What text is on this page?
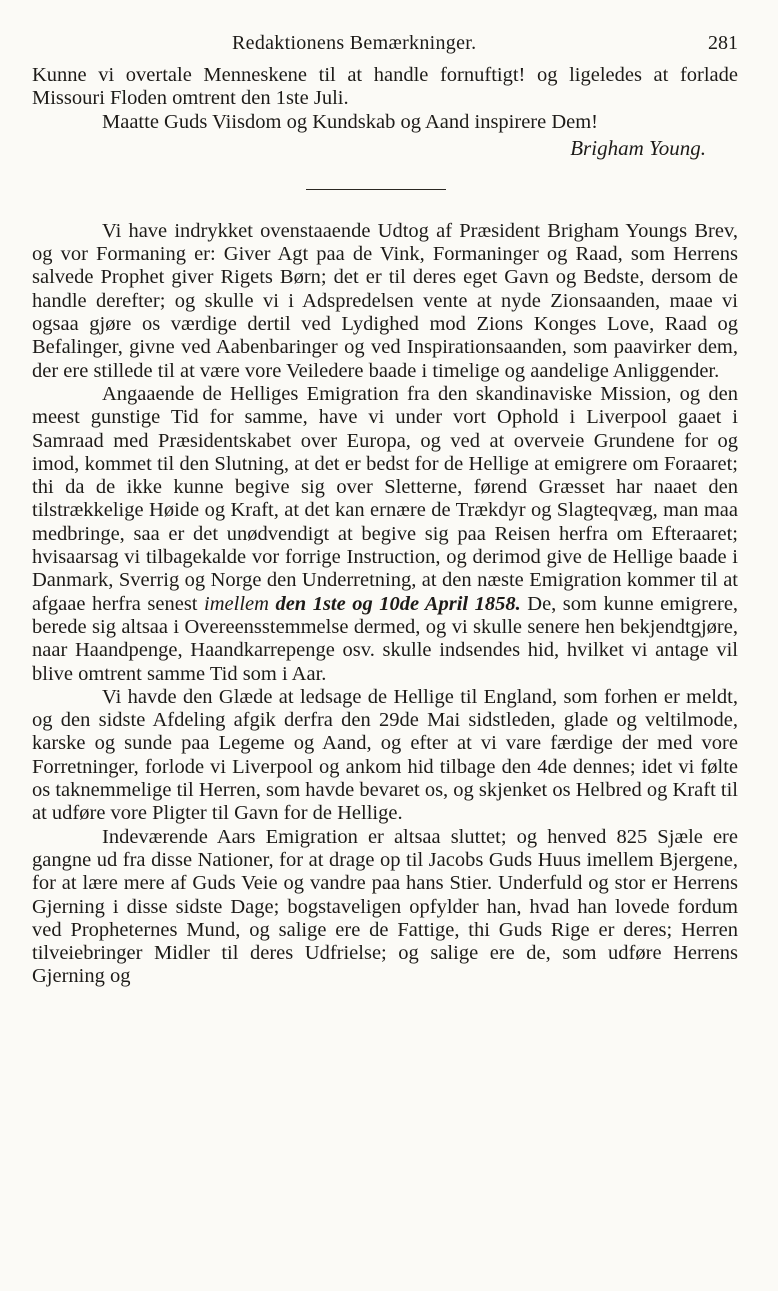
Redaktionens Bemærkninger.	281

Kunne vi overtale Menneskene til at handle fornuftigt! og ligeledes at forlade Missouri Floden omtrent den 1ste Juli.

Maatte Guds Viisdom og Kundskab og Aand inspirere Dem!

Brigham Young.

Vi have indrykket ovenstaaende Udtog af Præsident Brigham Youngs Brev, og vor Formaning er: Giver Agt paa de Vink, Formaninger og Raad, som Herrens salvede Prophet giver Rigets Børn; det er til deres eget Gavn og Bedste, dersom de handle derefter; og skulle vi i Adspredelsen vente at nyde Zionsaanden, maae vi ogsaa gjøre os værdige dertil ved Lydighed mod Zions Konges Love, Raad og Befalinger, givne ved Aabenbaringer og ved Inspirationsaanden, som paavirker dem, der ere stillede til at være vore Veiledere baade i timelige og aandelige Anliggender.

Angaaende de Helliges Emigration fra den skandinaviske Mission, og den meest gunstige Tid for samme, have vi under vort Ophold i Liverpool gaaet i Samraad med Præsidentskabet over Europa, og ved at overveie Grundene for og imod, kommet til den Slutning, at det er bedst for de Hellige at emigrere om Foraaret; thi da de ikke kunne begive sig over Sletterne, førend Græsset har naaet den tilstrækkelige Høide og Kraft, at det kan ernære de Trækdyr og Slagteqvæg, man maa medbringe, saa er det unødvendigt at begive sig paa Reisen herfra om Efteraaret; hvisaarsag vi tilbagekalde vor forrige Instruction, og derimod give de Hellige baade i Danmark, Sverrig og Norge den Underretning, at den næste Emigration kommer til at afgaae herfra senest imellem den 1ste og 10de April 1858. De, som kunne emigrere, berede sig altsaa i Overeensstemmelse dermed, og vi skulle senere hen bekjendtgjøre, naar Haandpenge, Haandkarrepenge osv. skulle indsendes hid, hvilket vi antage vil blive omtrent samme Tid som i Aar.

Vi havde den Glæde at ledsage de Hellige til England, som forhen er meldt, og den sidste Afdeling afgik derfra den 29de Mai sidstleden, glade og veltilmode, karske og sunde paa Legeme og Aand, og efter at vi vare færdige der med vore Forretninger, forlode vi Liverpool og ankom hid tilbage den 4de dennes; idet vi følte os taknemmelige til Herren, som havde bevaret os, og skjenket os Helbred og Kraft til at udføre vore Pligter til Gavn for de Hellige.

Indeværende Aars Emigration er altsaa sluttet; og henved 825 Sjæle ere gangne ud fra disse Nationer, for at drage op til Jacobs Guds Huus imellem Bjergene, for at lære mere af Guds Veie og vandre paa hans Stier. Underfuld og stor er Herrens Gjerning i disse sidste Dage; bogstaveligen opfylder han, hvad han lovede fordum ved Propheternes Mund, og salige ere de Fattige, thi Guds Rige er deres; Herren tilveiebringer Midler til deres Udfrielse; og salige ere de, som udføre Herrens Gjerning og
